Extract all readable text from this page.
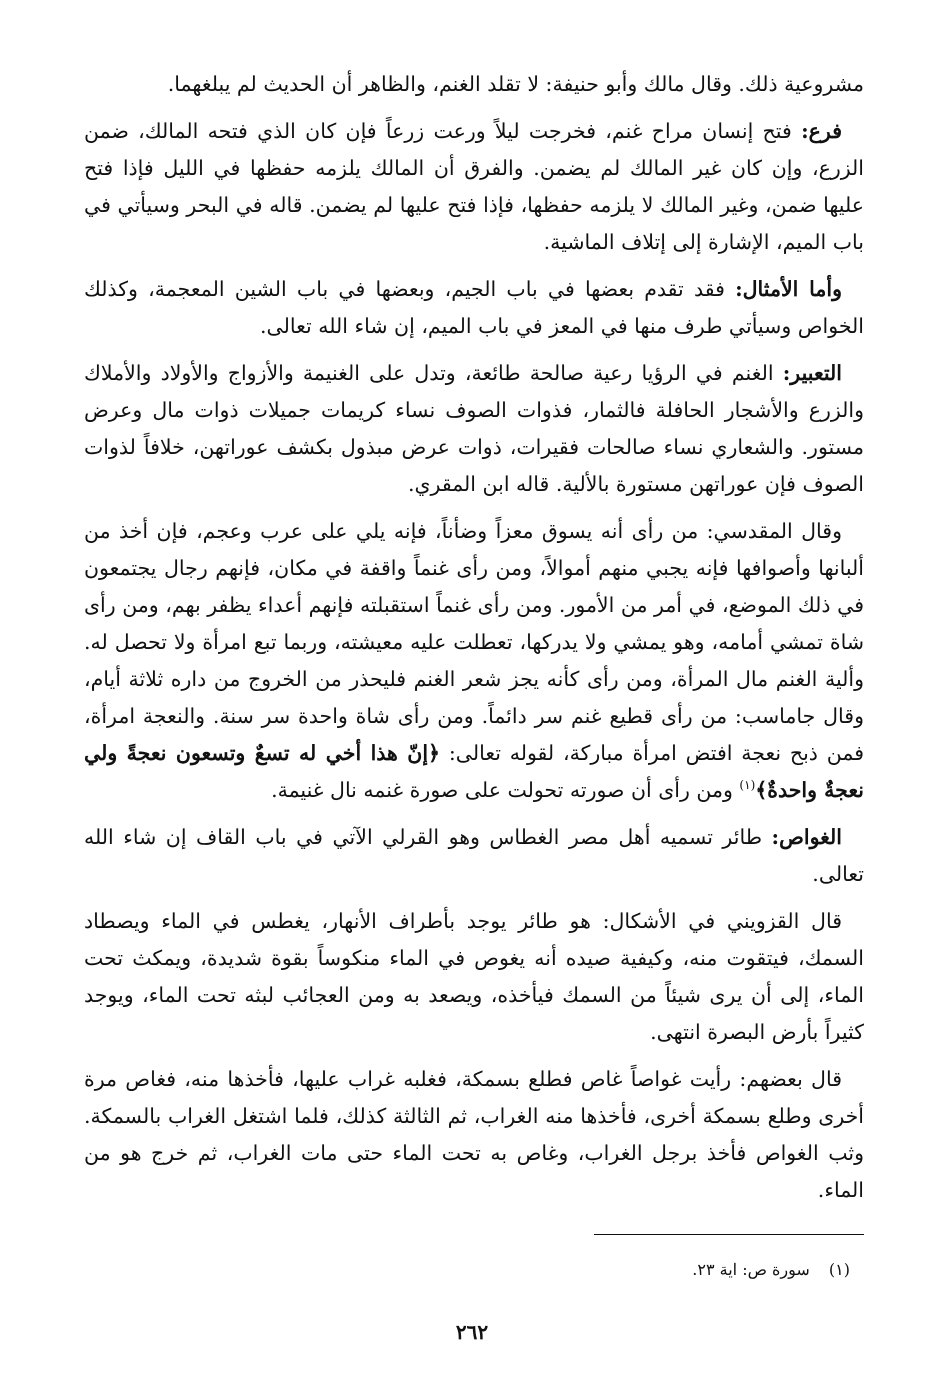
مشروعية ذلك. وقال مالك وأبو حنيفة: لا تقلد الغنم، والظاهر أن الحديث لم يبلغهما.

فرع: فتح إنسان مراح غنم، فخرجت ليلاً ورعت زرعاً فإن كان الذي فتحه المالك، ضمن الزرع، وإن كان غير المالك لم يضمن. والفرق أن المالك يلزمه حفظها في الليل فإذا فتح عليها ضمن، وغير المالك لا يلزمه حفظها، فإذا فتح عليها لم يضمن. قاله في البحر وسيأتي في باب الميم، الإشارة إلى إتلاف الماشية.

وأما الأمثال: فقد تقدم بعضها في باب الجيم، وبعضها في باب الشين المعجمة، وكذلك الخواص وسيأتي طرف منها في المعز في باب الميم، إن شاء الله تعالى.

التعبير: الغنم في الرؤيا رعية صالحة طائعة، وتدل على الغنيمة والأزواج والأولاد والأملاك والزرع والأشجار الحافلة فالثمار، فذوات الصوف نساء كريمات جميلات ذوات مال وعرض مستور. والشعاري نساء صالحات فقيرات، ذوات عرض مبذول بكشف عوراتهن، خلافاً لذوات الصوف فإن عوراتهن مستورة بالألية. قاله ابن المقري.

وقال المقدسي: من رأى أنه يسوق معزاً وضأناً، فإنه يلي على عرب وعجم، فإن أخذ من ألبانها وأصوافها فإنه يجبي منهم أموالاً، ومن رأى غنماً واقفة في مكان، فإنهم رجال يجتمعون في ذلك الموضع، في أمر من الأمور. ومن رأى غنماً استقبلته فإنهم أعداء يظفر بهم، ومن رأى شاة تمشي أمامه، وهو يمشي ولا يدركها، تعطلت عليه معيشته، وربما تبع امرأة ولا تحصل له. وألية الغنم مال المرأة، ومن رأى كأنه يجز شعر الغنم فليحذر من الخروج من داره ثلاثة أيام، وقال جاماسب: من رأى قطيع غنم سر دائماً. ومن رأى شاة واحدة سر سنة. والنعجة امرأة، فمن ذبح نعجة افتض امرأة مباركة، لقوله تعالى: ﴿إنّ هذا أخي له تسعٌ وتسعون نعجةً ولي نعجةٌ واحدةٌ﴾$^{(١)}$ ومن رأى أن صورته تحولت على صورة غنمه نال غنيمة.

الغواص: طائر تسميه أهل مصر الغطاس وهو القرلي الآتي في باب القاف إن شاء الله تعالى.

قال القزويني في الأشكال: هو طائر يوجد بأطراف الأنهار، يغطس في الماء ويصطاد السمك، فيتقوت منه، وكيفية صيده أنه يغوص في الماء منكوساً بقوة شديدة، ويمكث تحت الماء، إلى أن يرى شيئاً من السمك فيأخذه، ويصعد به ومن العجائب لبثه تحت الماء، ويوجد كثيراً بأرض البصرة انتهى.

قال بعضهم: رأيت غواصاً غاص فطلع بسمكة، فغلبه غراب عليها، فأخذها منه، فغاص مرة أخرى وطلع بسمكة أخرى، فأخذها منه الغراب، ثم الثالثة كذلك، فلما اشتغل الغراب بالسمكة. وثب الغواص فأخذ برجل الغراب، وغاص به تحت الماء حتى مات الغراب، ثم خرج هو من الماء.

(١) سورة ص: اية ٢٣.
٢٦٢
